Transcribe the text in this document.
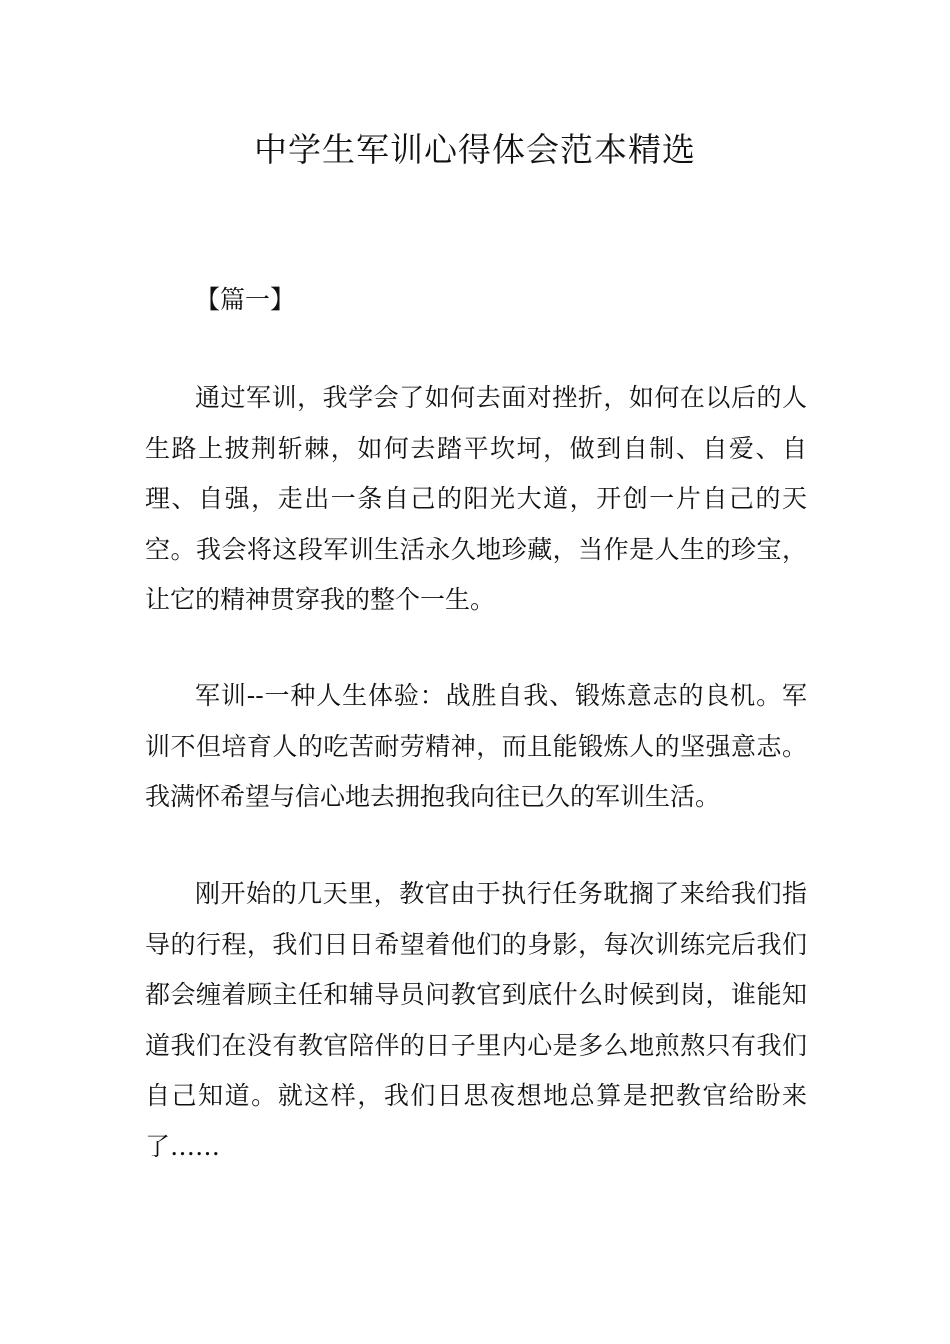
中学生军训心得体会范本精选

【篇一】

通过军训，我学会了如何去面对挫折，如何在以后的人生路上披荆斩棘，如何去踏平坎坷，做到自制、自爱、自理、自强，走出一条自己的阳光大道，开创一片自己的天空。我会将这段军训生活永久地珍藏，当作是人生的珍宝，让它的精神贯穿我的整个一生。

军训--一种人生体验：战胜自我、锻炼意志的良机。军训不但培育人的吃苦耐劳精神，而且能锻炼人的坚强意志。我满怀希望与信心地去拥抱我向往已久的军训生活。

刚开始的几天里，教官由于执行任务耽搁了来给我们指导的行程，我们日日希望着他们的身影，每次训练完后我们都会缠着顾主任和辅导员问教官到底什么时候到岗，谁能知道我们在没有教官陪伴的日子里内心是多么地煎熬只有我们自己知道。就这样，我们日思夜想地总算是把教官给盼来了……
